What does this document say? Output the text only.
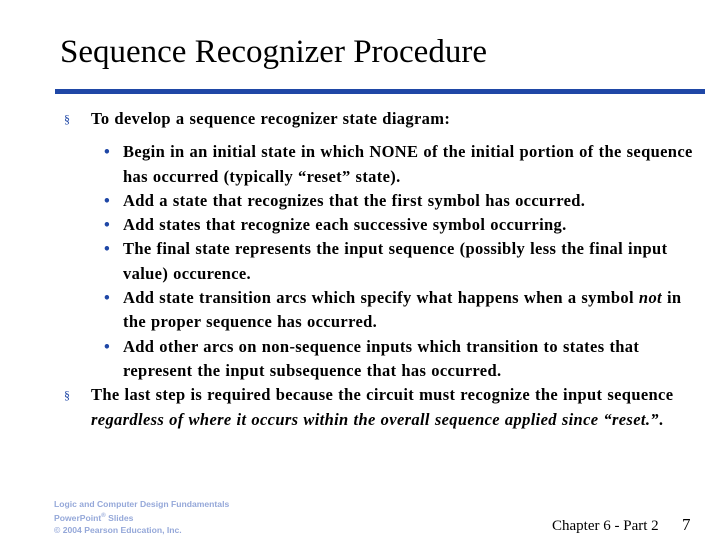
Sequence Recognizer Procedure
§ To develop a sequence recognizer state diagram:
• Begin in an initial state in which NONE of the initial portion of the sequence has occurred (typically “reset” state).
• Add a state that recognizes that the first symbol has occurred.
• Add states that recognize each successive symbol occurring.
• The final state represents the input sequence (possibly less the final input value) occurence.
• Add state transition arcs which specify what happens when a symbol not in the proper sequence has occurred.
• Add other arcs on non-sequence inputs which transition to states that represent the input subsequence that has occurred.
§ The last step is required because the circuit must recognize the input sequence regardless of where it occurs within the overall sequence applied since “reset.”.
Logic and Computer Design Fundamentals
PowerPoint® Slides
© 2004 Pearson Education, Inc.	Chapter 6 - Part 2 7
